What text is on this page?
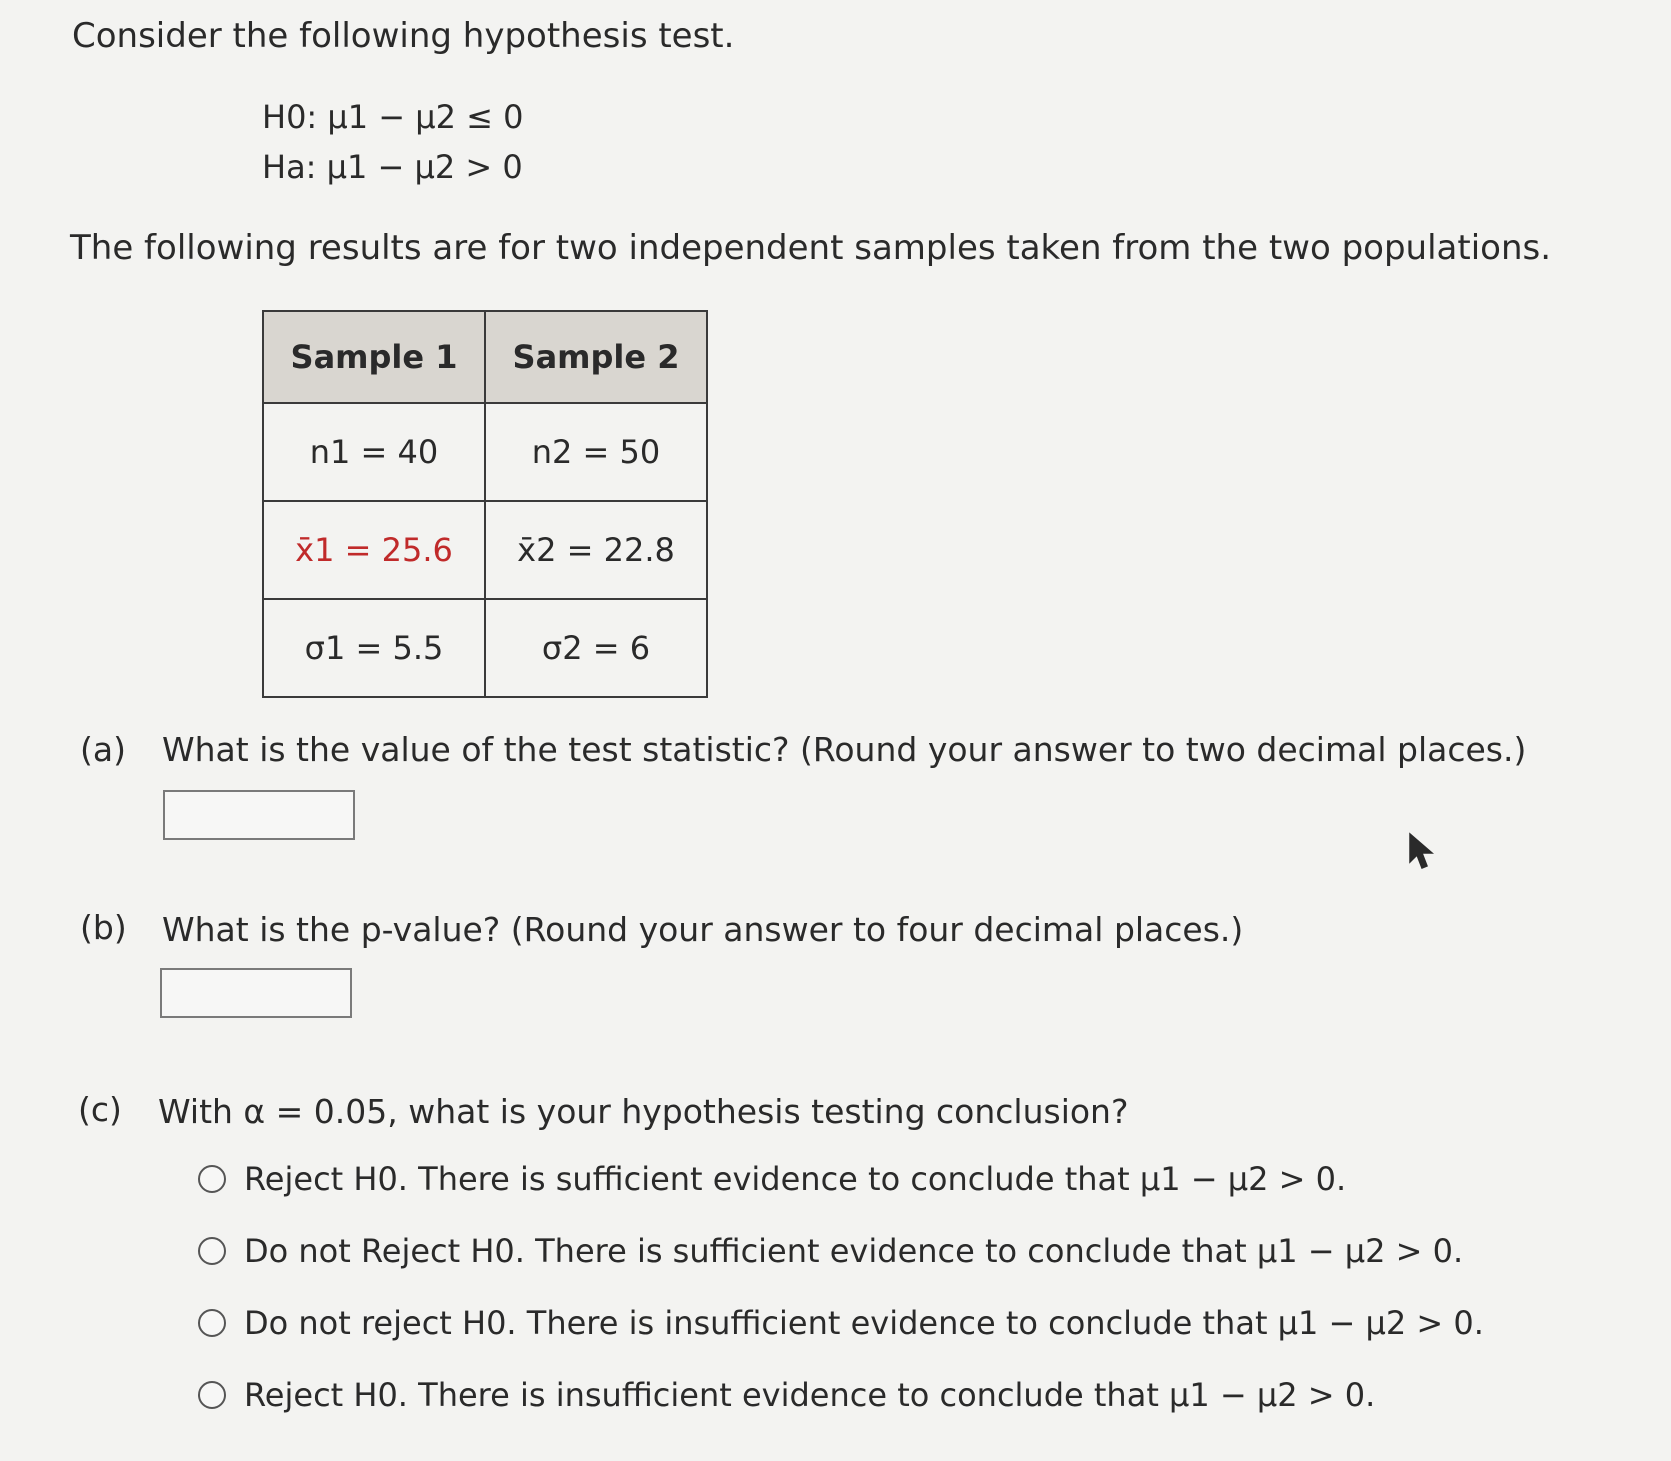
Consider the following hypothesis test.
H0: μ1 − μ2 ≤ 0
Ha: μ1 − μ2 > 0
The following results are for two independent samples taken from the two populations.
Sample 1	Sample 2
n1 = 40	n2 = 50
x̄1 = 25.6	x̄2 = 22.8
σ1 = 5.5	σ2 = 6
(a) What is the value of the test statistic? (Round your answer to two decimal places.)
(b) What is the p-value? (Round your answer to four decimal places.)
(c) With α = 0.05, what is your hypothesis testing conclusion?
Reject H0. There is sufficient evidence to conclude that μ1 − μ2 > 0.
Do not Reject H0. There is sufficient evidence to conclude that μ1 − μ2 > 0.
Do not reject H0. There is insufficient evidence to conclude that μ1 − μ2 > 0.
Reject H0. There is insufficient evidence to conclude that μ1 − μ2 > 0.
